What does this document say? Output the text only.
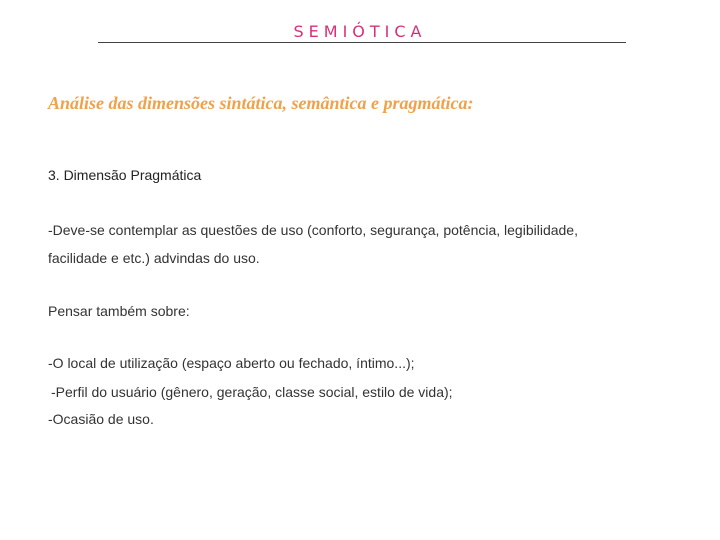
SEMIÓTICA
Análise das dimensões sintática, semântica e pragmática:
3. Dimensão Pragmática
-Deve-se contemplar as questões de uso (conforto, segurança, potência, legibilidade,
facilidade e etc.) advindas do uso.
Pensar também sobre:
-O local de utilização (espaço aberto ou fechado, íntimo...);
-Perfil do usuário (gênero, geração, classe social, estilo de vida);
-Ocasião de uso.
